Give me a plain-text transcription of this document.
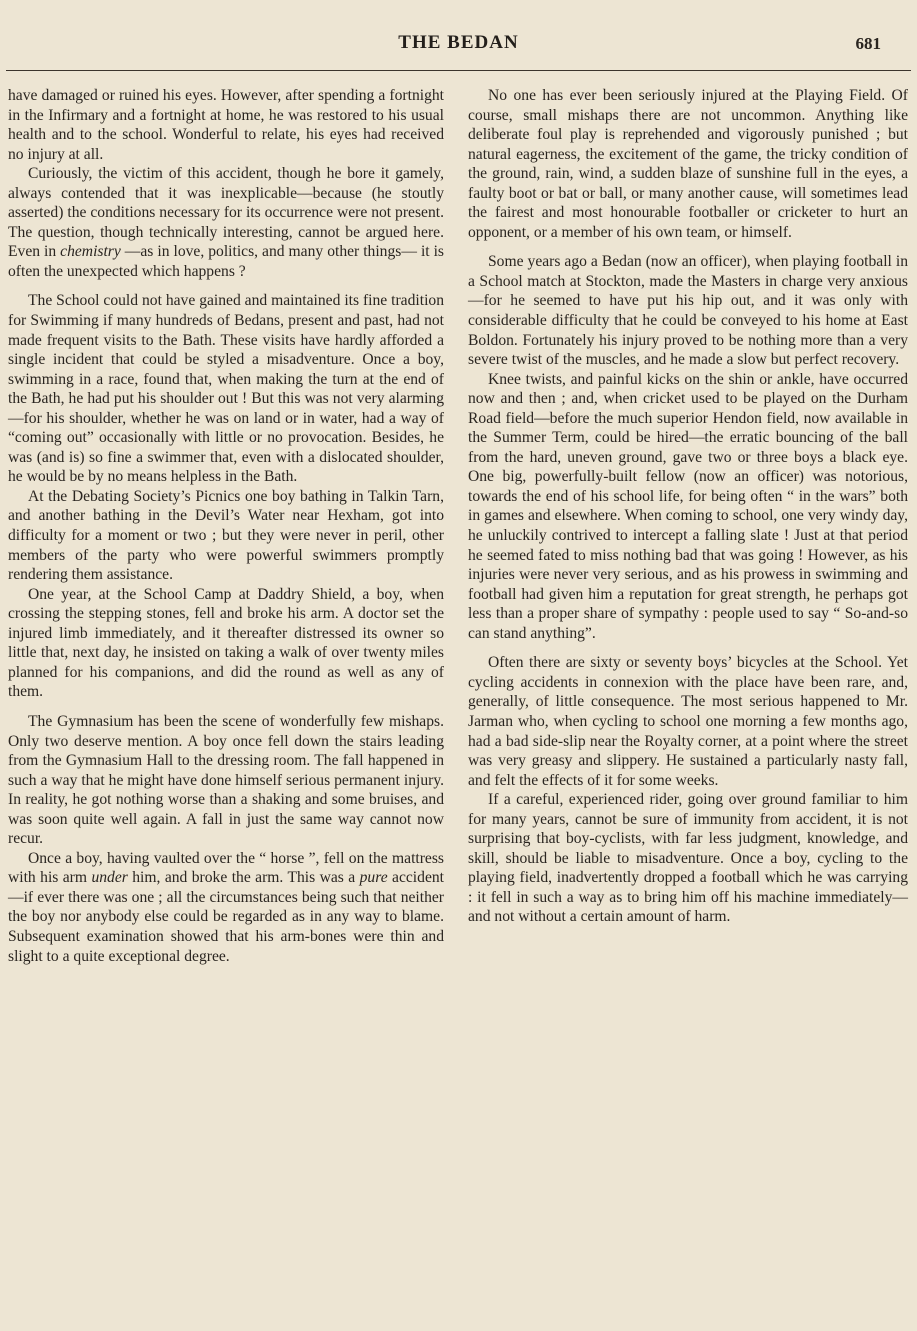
THE BEDAN	681

have damaged or ruined his eyes. However, after spending a fortnight in the Infirmary and a fortnight at home, he was restored to his usual health and to the school. Wonderful to relate, his eyes had received no injury at all.

Curiously, the victim of this accident, though he bore it gamely, always contended that it was inexplicable—because (he stoutly asserted) the conditions necessary for its occurrence were not present. The question, though technically interesting, cannot be argued here. Even in chemistry —as in love, politics, and many other things— it is often the unexpected which happens ?

The School could not have gained and maintained its fine tradition for Swimming if many hundreds of Bedans, present and past, had not made frequent visits to the Bath. These visits have hardly afforded a single incident that could be styled a misadventure. Once a boy, swimming in a race, found that, when making the turn at the end of the Bath, he had put his shoulder out ! But this was not very alarming—for his shoulder, whether he was on land or in water, had a way of “coming out” occasionally with little or no provocation. Besides, he was (and is) so fine a swimmer that, even with a dislocated shoulder, he would be by no means helpless in the Bath.

At the Debating Society’s Picnics one boy bathing in Talkin Tarn, and another bathing in the Devil’s Water near Hexham, got into difficulty for a moment or two ; but they were never in peril, other members of the party who were powerful swimmers promptly rendering them assistance.

One year, at the School Camp at Daddry Shield, a boy, when crossing the stepping stones, fell and broke his arm. A doctor set the injured limb immediately, and it thereafter distressed its owner so little that, next day, he insisted on taking a walk of over twenty miles planned for his companions, and did the round as well as any of them.

The Gymnasium has been the scene of wonderfully few mishaps. Only two deserve mention. A boy once fell down the stairs leading from the Gymnasium Hall to the dressing room. The fall happened in such a way that he might have done himself serious permanent injury. In reality, he got nothing worse than a shaking and some bruises, and was soon quite well again. A fall in just the same way cannot now recur.

Once a boy, having vaulted over the “ horse ”, fell on the mattress with his arm under him, and broke the arm. This was a pure accident—if ever there was one ; all the circumstances being such that neither the boy nor anybody else could be regarded as in any way to blame. Subsequent examination showed that his arm-bones were thin and slight to a quite exceptional degree.

No one has ever been seriously injured at the Playing Field. Of course, small mishaps there are not uncommon. Anything like deliberate foul play is reprehended and vigorously punished ; but natural eagerness, the excitement of the game, the tricky condition of the ground, rain, wind, a sudden blaze of sunshine full in the eyes, a faulty boot or bat or ball, or many another cause, will sometimes lead the fairest and most honourable footballer or cricketer to hurt an opponent, or a member of his own team, or himself.

Some years ago a Bedan (now an officer), when playing football in a School match at Stockton, made the Masters in charge very anxious—for he seemed to have put his hip out, and it was only with considerable difficulty that he could be conveyed to his home at East Boldon. Fortunately his injury proved to be nothing more than a very severe twist of the muscles, and he made a slow but perfect recovery.

Knee twists, and painful kicks on the shin or ankle, have occurred now and then ; and, when cricket used to be played on the Durham Road field—before the much superior Hendon field, now available in the Summer Term, could be hired—the erratic bouncing of the ball from the hard, uneven ground, gave two or three boys a black eye. One big, powerfully-built fellow (now an officer) was notorious, towards the end of his school life, for being often “ in the wars” both in games and elsewhere. When coming to school, one very windy day, he unluckily contrived to intercept a falling slate ! Just at that period he seemed fated to miss nothing bad that was going ! However, as his injuries were never very serious, and as his prowess in swimming and football had given him a reputation for great strength, he perhaps got less than a proper share of sympathy : people used to say “ So-and-so can stand anything”.

Often there are sixty or seventy boys’ bicycles at the School. Yet cycling accidents in connexion with the place have been rare, and, generally, of little consequence. The most serious happened to Mr. Jarman who, when cycling to school one morning a few months ago, had a bad side-slip near the Royalty corner, at a point where the street was very greasy and slippery. He sustained a particularly nasty fall, and felt the effects of it for some weeks.

If a careful, experienced rider, going over ground familiar to him for many years, cannot be sure of immunity from accident, it is not surprising that boy-cyclists, with far less judgment, knowledge, and skill, should be liable to misadventure. Once a boy, cycling to the playing field, inadvertently dropped a football which he was carrying : it fell in such a way as to bring him off his machine immediately—and not without a certain amount of harm.
